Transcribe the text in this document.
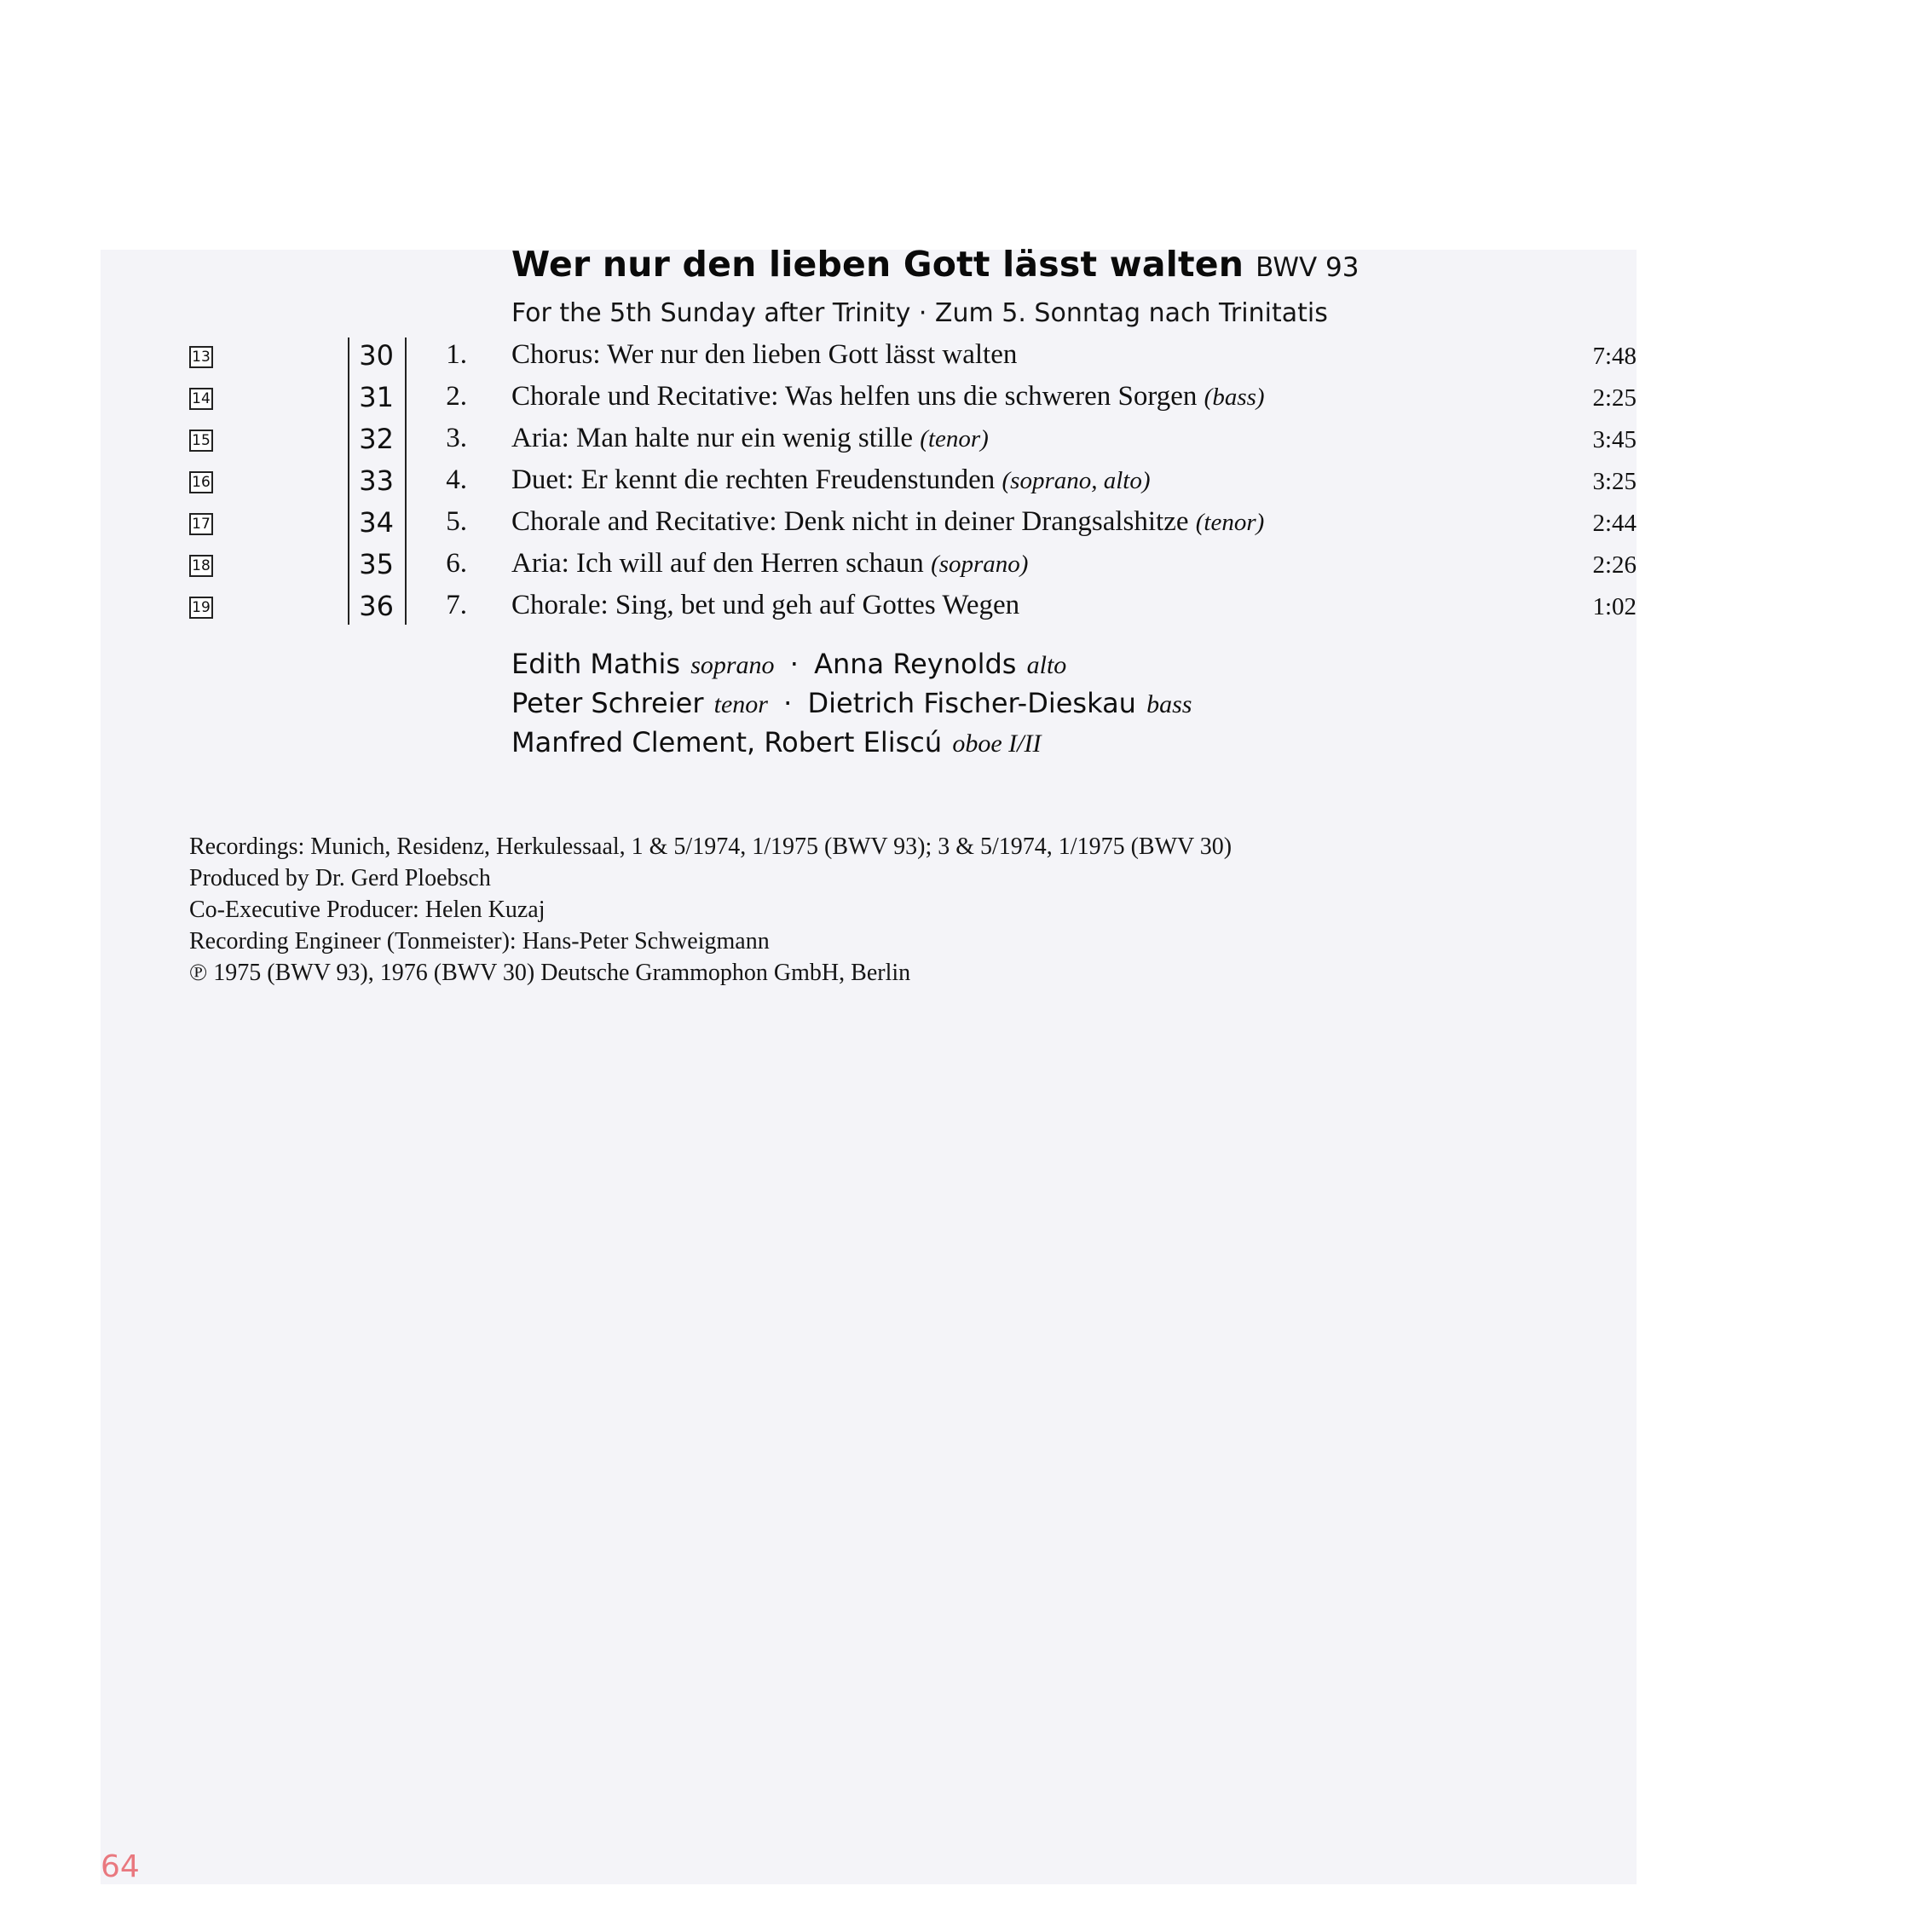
Wer nur den lieben Gott lässt walten BWV 93
For the 5th Sunday after Trinity · Zum 5. Sonntag nach Trinitatis
13	30	1. Chorus: Wer nur den lieben Gott lässt walten	7:48
14	31	2. Chorale und Recitative: Was helfen uns die schweren Sorgen (bass)	2:25
15	32	3. Aria: Man halte nur ein wenig stille (tenor)	3:45
16	33	4. Duet: Er kennt die rechten Freudenstunden (soprano, alto)	3:25
17	34	5. Chorale and Recitative: Denk nicht in deiner Drangsalshitze (tenor)	2:44
18	35	6. Aria: Ich will auf den Herren schaun (soprano)	2:26
19	36	7. Chorale: Sing, bet und geh auf Gottes Wegen	1:02
Edith Mathis soprano · Anna Reynolds alto
Peter Schreier tenor · Dietrich Fischer-Dieskau bass
Manfred Clement, Robert Eliscú oboe I/II
Recordings: Munich, Residenz, Herkulessaal, 1 & 5/1974, 1/1975 (BWV 93); 3 & 5/1974, 1/1975 (BWV 30)
Produced by Dr. Gerd Ploebsch
Co-Executive Producer: Helen Kuzaj
Recording Engineer (Tonmeister): Hans-Peter Schweigmann
℗ 1975 (BWV 93), 1976 (BWV 30) Deutsche Grammophon GmbH, Berlin
64
